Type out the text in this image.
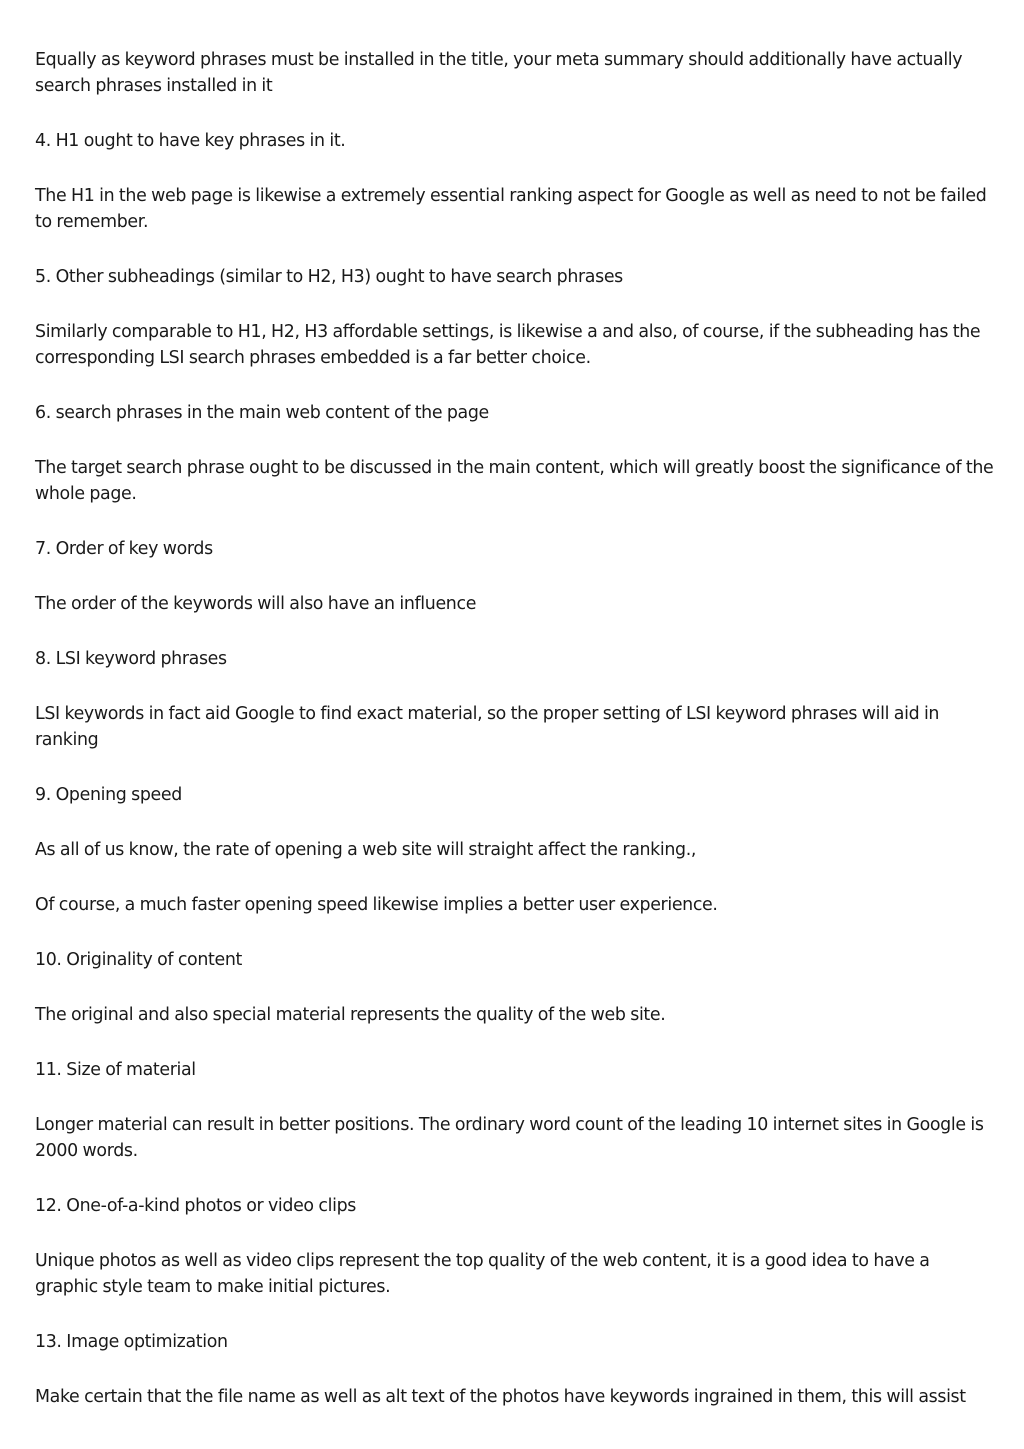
Equally as keyword phrases must be installed in the title, your meta summary should additionally have actually search phrases installed in it

4. H1 ought to have key phrases in it.

The H1 in the web page is likewise a extremely essential ranking aspect for Google as well as need to not be failed to remember.

5. Other subheadings (similar to H2, H3) ought to have search phrases

Similarly comparable to H1, H2, H3 affordable settings, is likewise a and also, of course, if the subheading has the corresponding LSI search phrases embedded is a far better choice.

6. search phrases in the main web content of the page

The target search phrase ought to be discussed in the main content, which will greatly boost the significance of the whole page.

7. Order of key words

The order of the keywords will also have an influence

8. LSI keyword phrases

LSI keywords in fact aid Google to find exact material, so the proper setting of LSI keyword phrases will aid in ranking

9. Opening speed

As all of us know, the rate of opening a web site will straight affect the ranking.,

Of course, a much faster opening speed likewise implies a better user experience.

10. Originality of content

The original and also special material represents the quality of the web site.

11. Size of material

Longer material can result in better positions. The ordinary word count of the leading 10 internet sites in Google is 2000 words.

12. One-of-a-kind photos or video clips

Unique photos as well as video clips represent the top quality of the web content, it is a good idea to have a graphic style team to make initial pictures.

13. Image optimization

Make certain that the file name as well as alt text of the photos have keywords ingrained in them, this will assist
